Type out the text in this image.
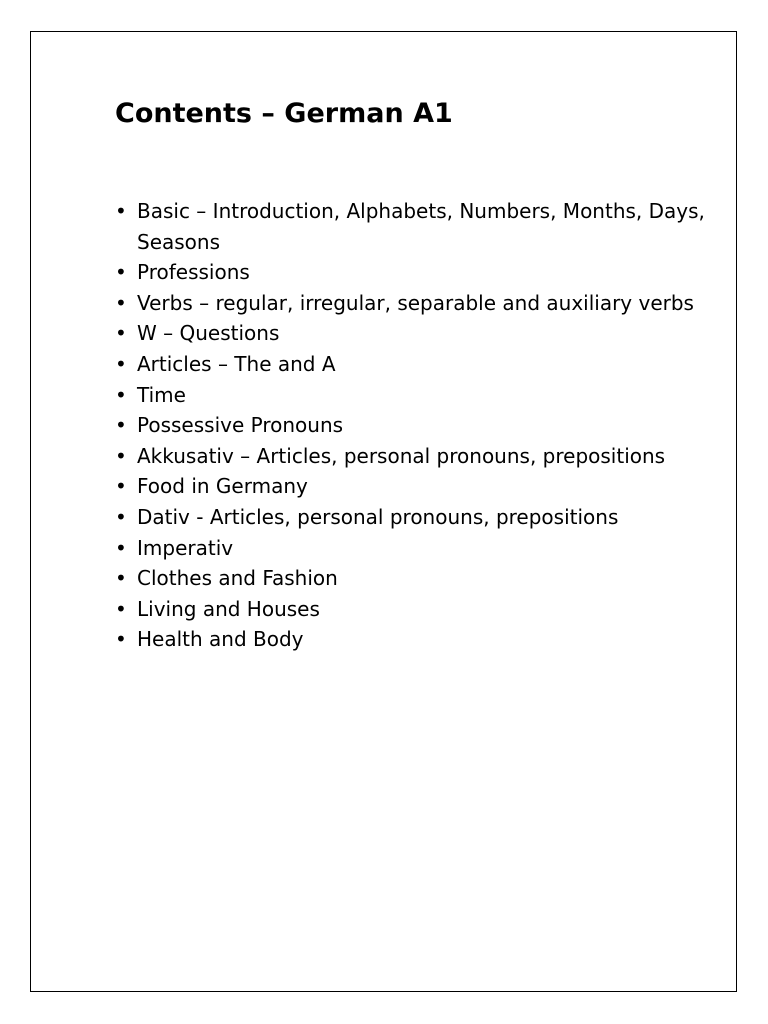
Contents – German A1
•
Basic – Introduction, Alphabets, Numbers, Months, Days, Seasons
•
Professions
•
Verbs – regular, irregular, separable and auxiliary verbs
•
W – Questions
•
Articles – The and A
•
Time
•
Possessive Pronouns
•
Akkusativ – Articles, personal pronouns, prepositions
•
Food in Germany
•
Dativ - Articles, personal pronouns, prepositions
•
Imperativ
•
Clothes and Fashion
•
Living and Houses
•
Health and Body
